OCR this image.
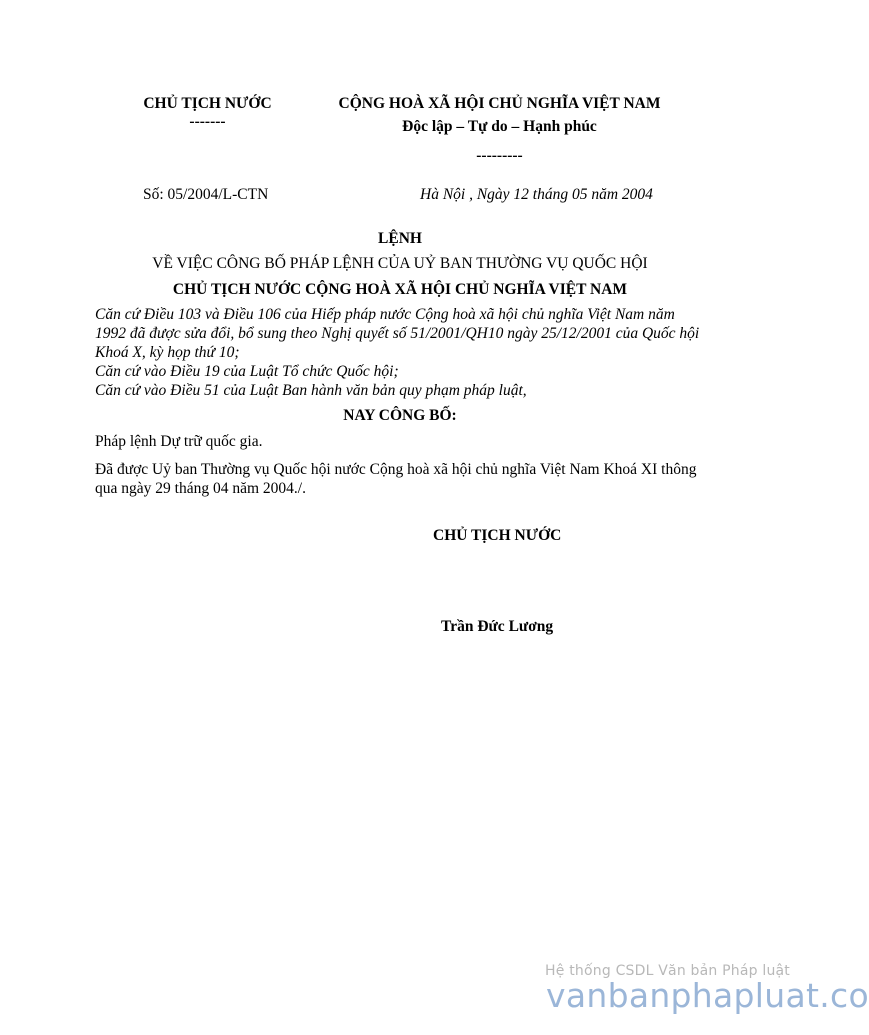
CHỦ TỊCH NƯỚC
-------
CỘNG HOÀ XÃ HỘI CHỦ NGHĨA VIỆT NAM
Độc lập – Tự do – Hạnh phúc
---------
Số: 05/2004/L-CTN	Hà Nội , Ngày 12 tháng 05 năm 2004
LỆNH
VỀ VIỆC CÔNG BỐ PHÁP LỆNH CỦA UỶ BAN THƯỜNG VỤ QUỐC HỘI
CHỦ TỊCH NƯỚC CỘNG HOÀ XÃ HỘI CHỦ NGHĨA VIỆT NAM

Căn cứ Điều 103 và Điều 106 của Hiếp pháp nước Cộng hoà xã hội chủ nghĩa Việt Nam năm 1992 đã được sửa đổi, bổ sung theo Nghị quyết số 51/2001/QH10 ngày 25/12/2001 của Quốc hội Khoá X, kỳ họp thứ 10;

Căn cứ vào Điều 19 của Luật Tổ chức Quốc hội;

Căn cứ vào Điều 51 của Luật Ban hành văn bản quy phạm pháp luật,

NAY CÔNG BỐ:

Pháp lệnh Dự trữ quốc gia.

Đã được Uỷ ban Thường vụ Quốc hội nước Cộng hoà xã hội chủ nghĩa Việt Nam Khoá XI thông qua ngày 29 tháng 04 năm 2004./.

CHỦ TỊCH NƯỚC
Trần Đức Lương
Hệ thống CSDL Văn bản Pháp luật
vanbanphapluat.co
